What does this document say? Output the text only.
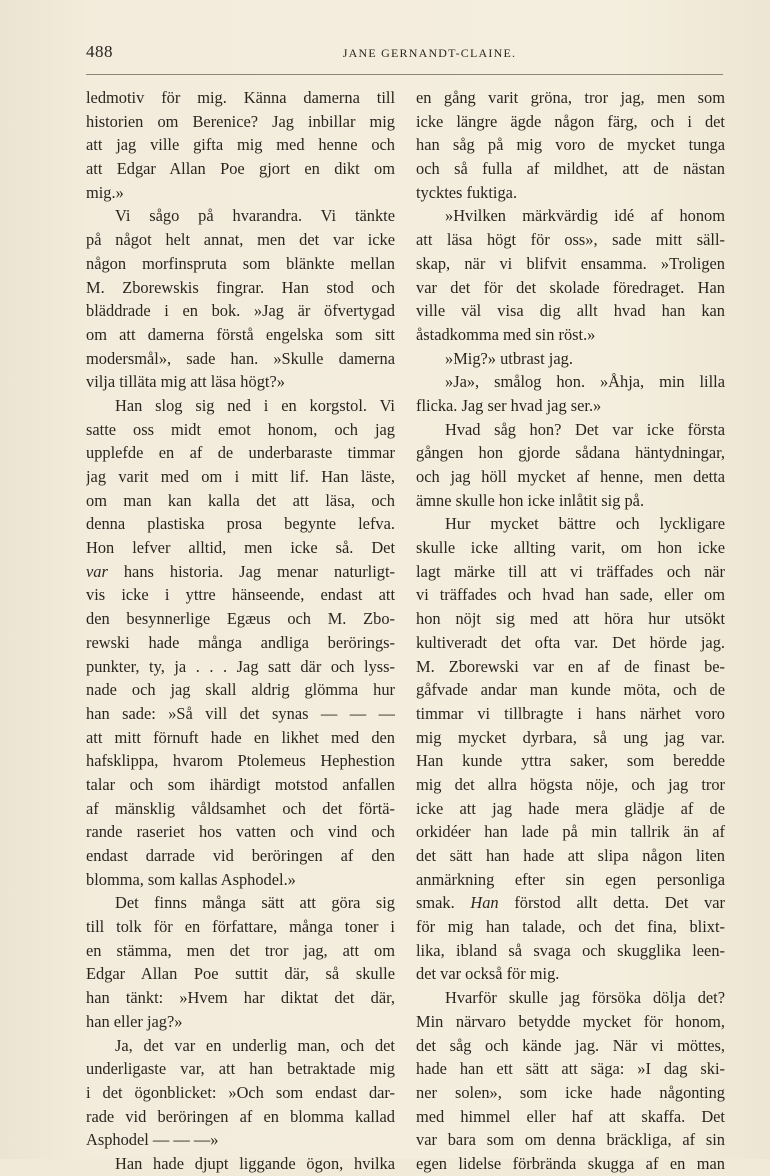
488	JANE GERNANDT-CLAINE.
ledmotiv för mig. Känna damerna till
historien om Berenice? Jag inbillar mig
att jag ville gifta mig med henne och
att Edgar Allan Poe gjort en dikt om
mig.»
Vi sågo på hvarandra. Vi tänkte
på något helt annat, men det var icke
någon morfinspruta som blänkte mellan
M. Zborewskis fingrar. Han stod och
bläddrade i en bok. »Jag är öfvertygad
om att damerna förstå engelska som sitt
modersmål», sade han. »Skulle damerna
vilja tilläta mig att läsa högt?»
Han slog sig ned i en korgstol. Vi
satte oss midt emot honom, och jag
upplefde en af de underbaraste timmar
jag varit med om i mitt lif. Han läste,
om man kan kalla det att läsa, och
denna plastiska prosa begynte lefva.
Hon lefver alltid, men icke så. Det
var hans historia. Jag menar naturligt-
vis icke i yttre hänseende, endast att
den besynnerlige Egæus och M. Zbo-
rewski hade många andliga berörings-
punkter, ty, ja . . . Jag satt där och lyss-
nade och jag skall aldrig glömma hur
han sade: »Så vill det synas — — —
att mitt förnuft hade en likhet med den
hafsklippa, hvarom Ptolemeus Hephestion
talar och som ihärdigt motstod anfallen
af mänsklig våldsamhet och det förtä-
rande raseriet hos vatten och vind och
endast darrade vid beröringen af den
blomma, som kallas Asphodel.»
Det finns många sätt att göra sig
till tolk för en författare, många toner i
en stämma, men det tror jag, att om
Edgar Allan Poe suttit där, så skulle
han tänkt: »Hvem har diktat det där,
han eller jag?»
Ja, det var en underlig man, och det
underligaste var, att han betraktade mig
i det ögonblicket: »Och som endast dar-
rade vid beröringen af en blomma kallad
Asphodel — — —»
Han hade djupt liggande ögon, hvilka
en gång varit gröna, tror jag, men som
icke längre ägde någon färg, och i det
han såg på mig voro de mycket tunga
och så fulla af mildhet, att de nästan
tycktes fuktiga.
»Hvilken märkvärdig idé af honom
att läsa högt för oss», sade mitt säll-
skap, när vi blifvit ensamma. »Troligen
var det för det skolade föredraget. Han
ville väl visa dig allt hvad han kan
åstadkomma med sin röst.»
»Mig?» utbrast jag.
»Ja», smålog hon. »Åhja, min lilla
flicka. Jag ser hvad jag ser.»
Hvad såg hon? Det var icke första
gången hon gjorde sådana häntydningar,
och jag höll mycket af henne, men detta
ämne skulle hon icke inlåtit sig på.
Hur mycket bättre och lyckligare
skulle icke allting varit, om hon icke
lagt märke till att vi träffades och när
vi träffades och hvad han sade, eller om
hon nöjt sig med att höra hur utsökt
kultiveradt det ofta var. Det hörde jag.
M. Zborewski var en af de finast be-
gåfvade andar man kunde möta, och de
timmar vi tillbragte i hans närhet voro
mig mycket dyrbara, så ung jag var.
Han kunde yttra saker, som beredde
mig det allra högsta nöje, och jag tror
icke att jag hade mera glädje af de
orkidéer han lade på min tallrik än af
det sätt han hade att slipa någon liten
anmärkning efter sin egen personliga
smak. Han förstod allt detta. Det var
för mig han talade, och det fina, blixt-
lika, ibland så svaga och skugglika leen-
det var också för mig.
Hvarför skulle jag försöka dölja det?
Min närvaro betydde mycket för honom,
det såg och kände jag. När vi möttes,
hade han ett sätt att säga: »I dag ski-
ner solen», som icke hade någonting
med himmel eller haf att skaffa. Det
var bara som om denna bräckliga, af sin
egen lidelse förbrända skugga af en man
